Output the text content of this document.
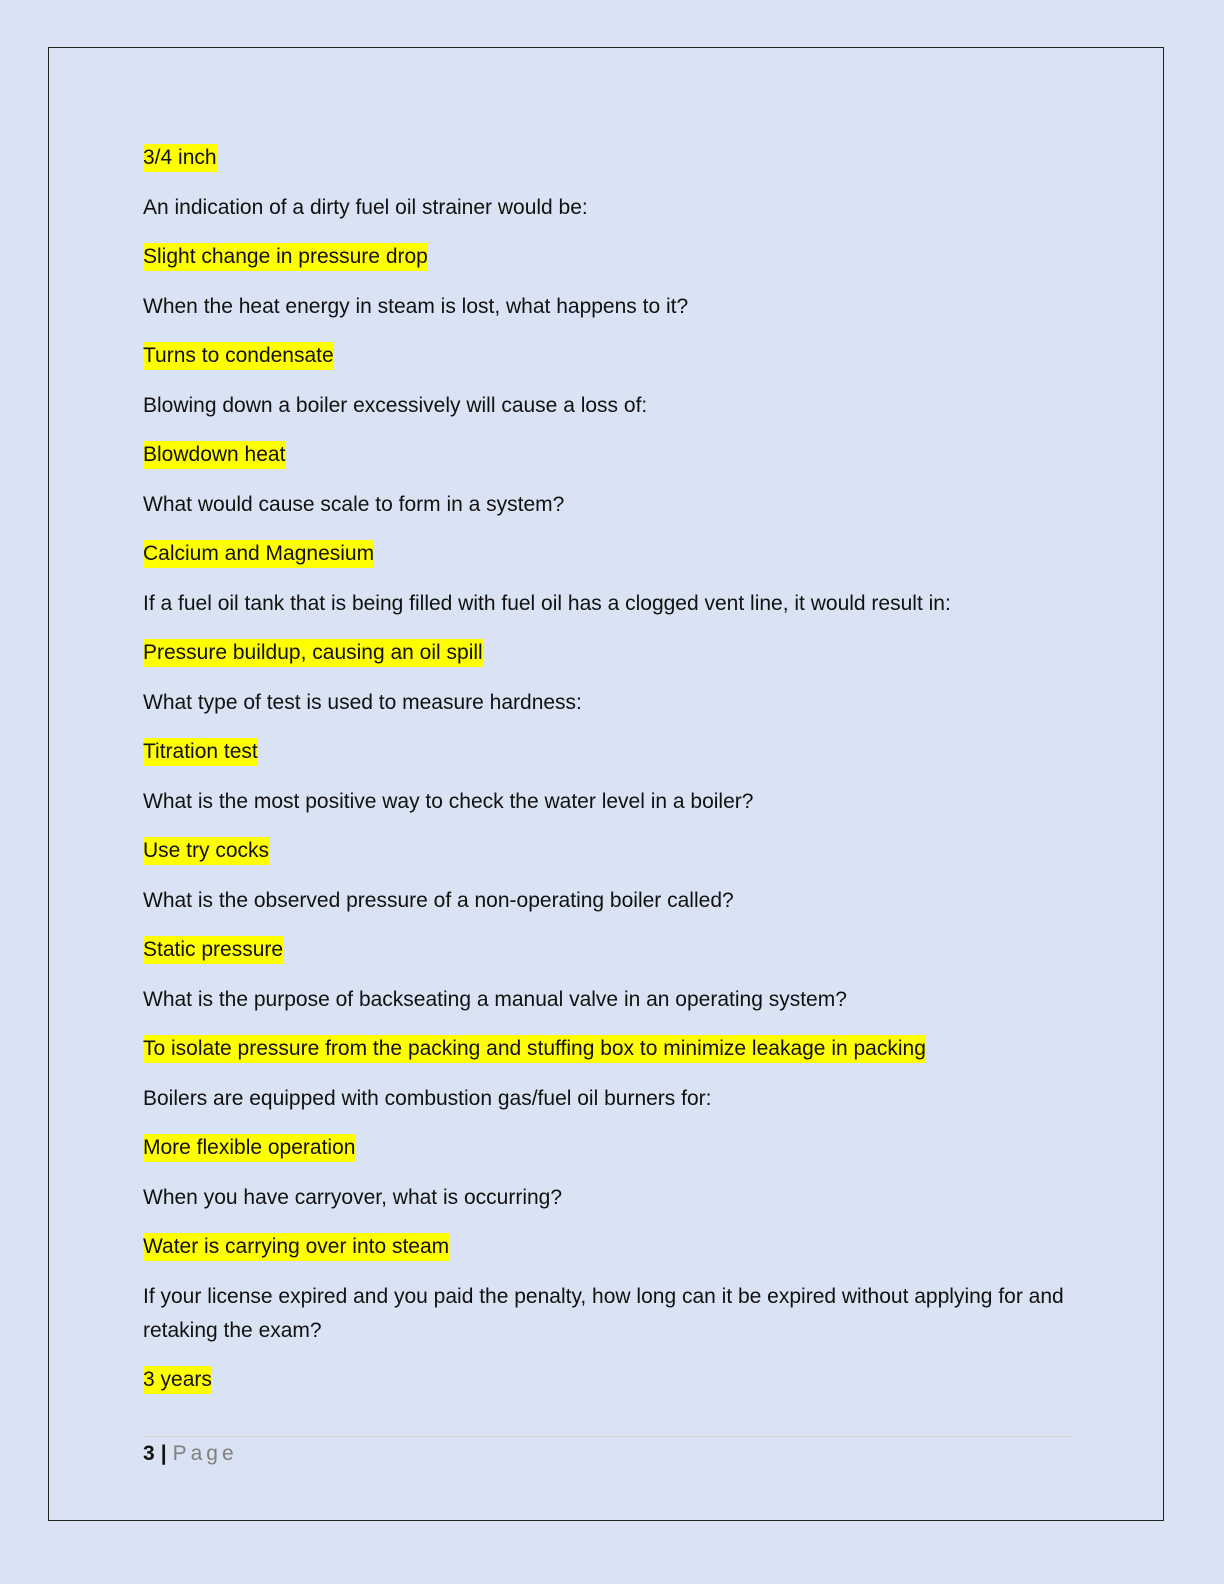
3/4 inch
An indication of a dirty fuel oil strainer would be:
Slight change in pressure drop
When the heat energy in steam is lost, what happens to it?
Turns to condensate
Blowing down a boiler excessively will cause a loss of:
Blowdown heat
What would cause scale to form in a system?
Calcium and Magnesium
If a fuel oil tank that is being filled with fuel oil has a clogged vent line, it would result in:
Pressure buildup, causing an oil spill
What type of test is used to measure hardness:
Titration test
What is the most positive way to check the water level in a boiler?
Use try cocks
What is the observed pressure of a non-operating boiler called?
Static pressure
What is the purpose of backseating a manual valve in an operating system?
To isolate pressure from the packing and stuffing box to minimize leakage in packing
Boilers are equipped with combustion gas/fuel oil burners for:
More flexible operation
When you have carryover, what is occurring?
Water is carrying over into steam
If your license expired and you paid the penalty, how long can it be expired without applying for and retaking the exam?
3 years
3 | Page
